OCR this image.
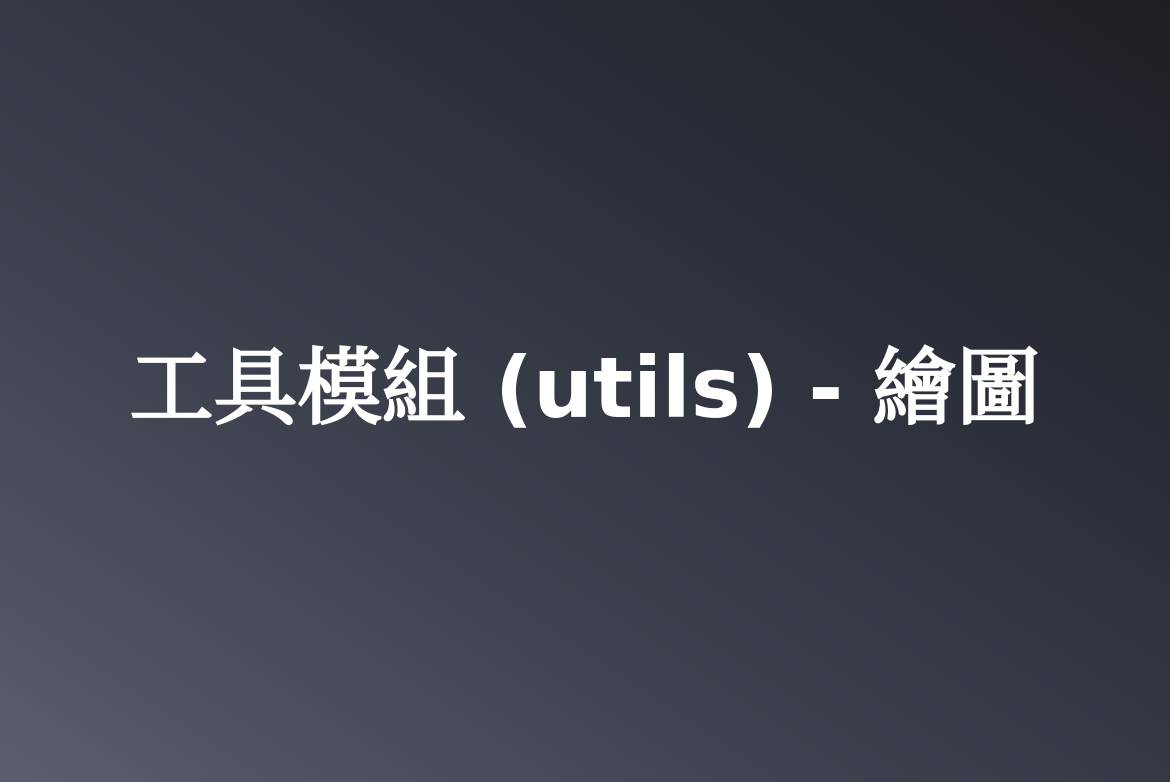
工具模組 (utils) - 繪圖
